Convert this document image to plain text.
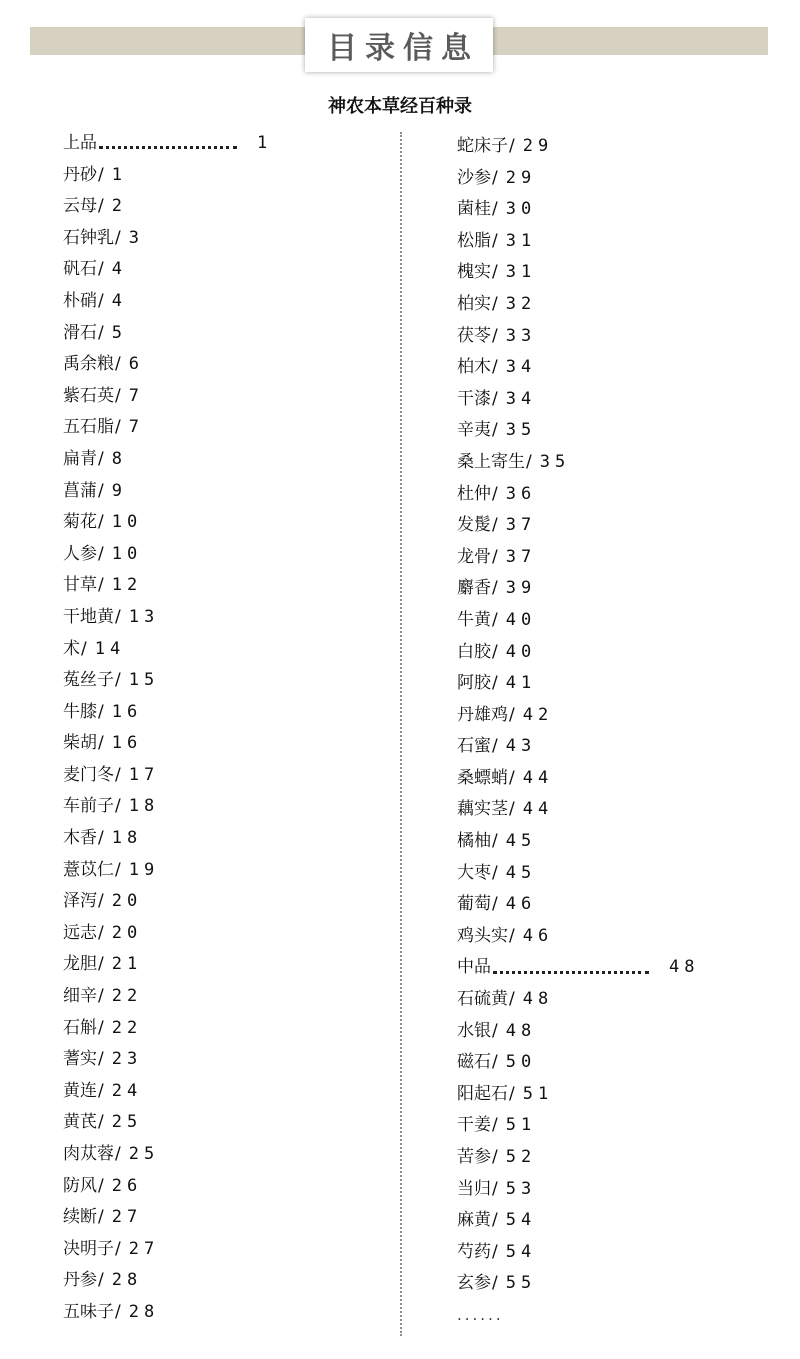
目录信息
神农本草经百种录
上品	1
丹砂 / 1
云母 / 2
石钟乳 / 3
矾石 / 4
朴硝 / 4
滑石 / 5
禹余粮 / 6
紫石英 / 7
五石脂 / 7
扁青 / 8
菖蒲 / 9
菊花 / 10
人参 / 10
甘草 / 12
干地黄 / 13
术 / 14
菟丝子 / 15
牛膝 / 16
柴胡 / 16
麦门冬 / 17
车前子 / 18
木香 / 18
薏苡仁 / 19
泽泻 / 20
远志 / 20
龙胆 / 21
细辛 / 22
石斛 / 22
蓍实 / 23
黄连 / 24
黄芪 / 25
肉苁蓉 / 25
防风 / 26
续断 / 27
决明子 / 27
丹参 / 28
五味子 / 28
蛇床子 / 29
沙参 / 29
菌桂 / 30
松脂 / 31
槐实 / 31
柏实 / 32
茯苓 / 33
柏木 / 34
干漆 / 34
辛夷 / 35
桑上寄生 / 35
杜仲 / 36
发髲 / 37
龙骨 / 37
麝香 / 39
牛黄 / 40
白胶 / 40
阿胶 / 41
丹雄鸡 / 42
石蜜 / 43
桑螵蛸 / 44
藕实茎 / 44
橘柚 / 45
大枣 / 45
葡萄 / 46
鸡头实 / 46
中品	48
石硫黄 / 48
水银 / 48
磁石 / 50
阳起石 / 51
干姜 / 51
苦参 / 52
当归 / 53
麻黄 / 54
芍药 / 54
玄参 / 55
......
